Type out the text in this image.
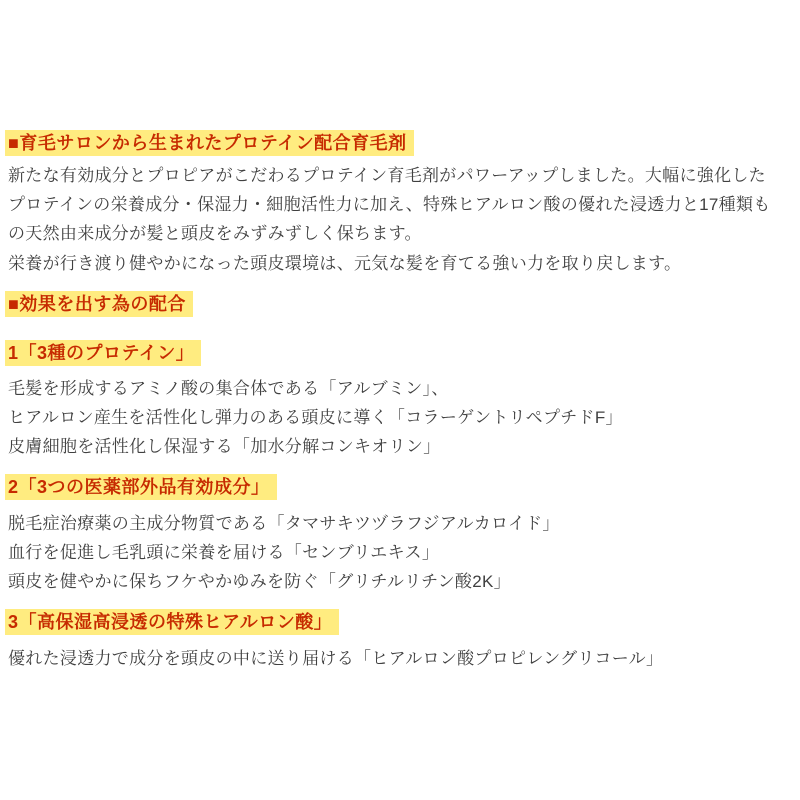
■育毛サロンから生まれたプロテイン配合育毛剤

新たな有効成分とプロピアがこだわるプロテイン育毛剤がパワーアップしました。大幅に強化した

プロテインの栄養成分・保湿力・細胞活性力に加え、特殊ヒアルロン酸の優れた浸透力と17種類も

の天然由来成分が髪と頭皮をみずみずしく保ちます。

栄養が行き渡り健やかになった頭皮環境は、元気な髪を育てる強い力を取り戻します。

■効果を出す為の配合
1「3種のプロテイン」

毛髪を形成するアミノ酸の集合体である「アルブミン」、

ヒアルロン産生を活性化し弾力のある頭皮に導く「コラーゲントリペプチドF」

皮膚細胞を活性化し保湿する「加水分解コンキオリン」

2「3つの医薬部外品有効成分」

脱毛症治療薬の主成分物質である「タマサキツヅラフジアルカロイド」

血行を促進し毛乳頭に栄養を届ける「センブリエキス」

頭皮を健やかに保ちフケやかゆみを防ぐ「グリチルリチン酸2K」

3「高保湿高浸透の特殊ヒアルロン酸」

優れた浸透力で成分を頭皮の中に送り届ける「ヒアルロン酸プロピレングリコール」
